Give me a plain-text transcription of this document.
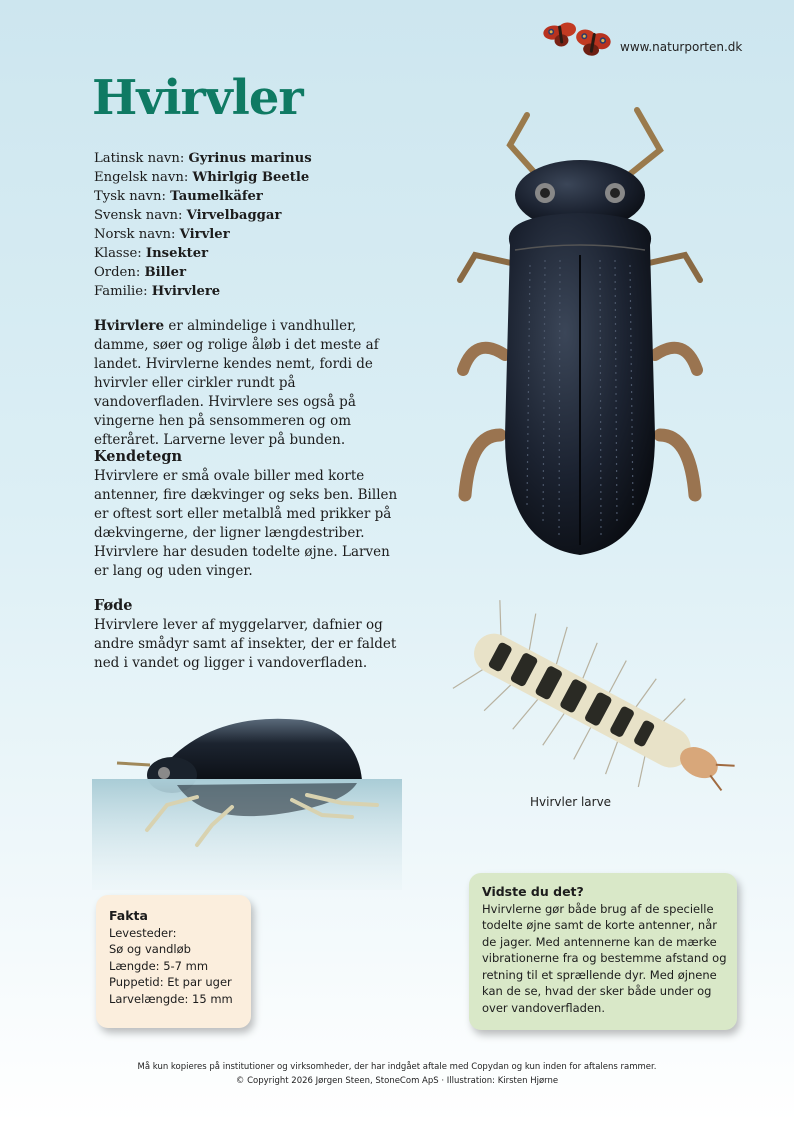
www.naturporten.dk
Hvirvler
Latinsk navn: Gyrinus marinus
Engelsk navn: Whirlgig Beetle
Tysk navn: Taumelkäfer
Svensk navn: Virvelbaggar
Norsk navn: Virvler
Klasse: Insekter
Orden: Biller
Familie: Hvirvlere
Hvirvlere er almindelige i vandhuller, damme, søer og rolige åløb i det meste af landet. Hvirvlerne kendes nemt, fordi de hvirvler eller cirkler rundt på vandoverfladen. Hvirvlere ses også på vingerne hen på sensommeren og om efteråret. Larverne lever på bunden.
Kendetegn
Hvirvlere er små ovale biller med korte antenner, fire dækvinger og seks ben. Billen er oftest sort eller metalblå med prikker på dækvingerne, der ligner længdestriber. Hvirvlere har desuden todelte øjne. Larven er lang og uden vinger.
Føde
Hvirvlere lever af myggelarver, dafnier og andre smådyr samt af insekter, der er faldet ned i vandet og ligger i vandoverfladen.
Hvirvler larve
Fakta
Levesteder:
Sø og vandløb
Længde: 5-7 mm
Puppetid: Et par uger
Larvelængde: 15 mm
Vidste du det?
Hvirvlerne gør både brug af de specielle todelte øjne samt de korte antenner, når de jager. Med antennerne kan de mærke vibrationerne fra og bestemme afstand og retning til et sprællende dyr. Med øjnene kan de se, hvad der sker både under og over vandoverfladen.
Må kun kopieres på institutioner og virksomheder, der har indgået aftale med Copydan og kun inden for aftalens rammer.
© Copyright 2026 Jørgen Steen, StoneCom ApS · Illustration: Kirsten Hjørne
